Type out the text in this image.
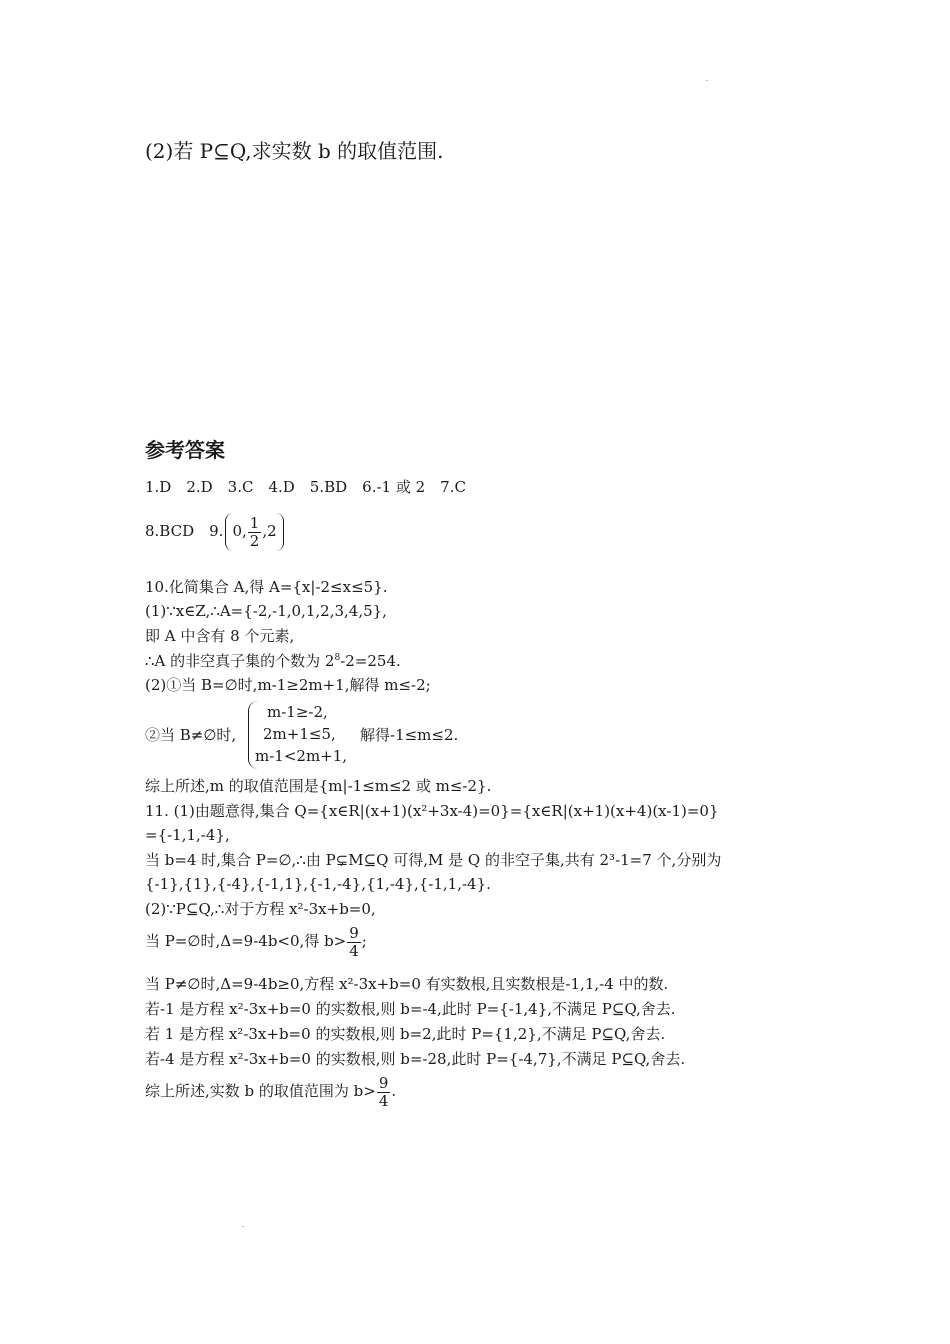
(2)若 P⊆Q,求实数 b 的取值范围.
参考答案
1.D　2.D　3.C　4.D　5.BD　6.-1 或 2　7.C
8.BCD　9. 0, $\frac{1}{2} ,2$
10.化简集合 A,得 A={x|-2≤x≤5}.
(1)∵x∈Z,∴A={-2,-1,0,1,2,3,4,5},
即 A 中含有 8 个元素,
∴A 的非空真子集的个数为 $2^8-2=254$.
(2)①当 B=∅时,m-1≥2m+1,解得 m≤-2;
②当 B≠∅时,
m-1≥-2,
2m+1≤5,
m-1<2m+1,
解得-1≤m≤2.
综上所述,m 的取值范围是{m|-1≤m≤2 或 m≤-2}.
11. (1)由题意得,集合 Q={x∈R|(x+1)(x²+3x-4)=0}={x∈R|(x+1)(x+4)(x-1)=0}
={-1,1,-4},
当 b=4 时,集合 P=∅,∴由 P⊊M⊆Q 可得,M 是 Q 的非空子集,共有 2³-1=7 个,分别为
{-1},{1},{-4},{-1,1},{-1,-4},{1,-4},{-1,1,-4}.
(2)∵P⊆Q,∴对于方程 x²-3x+b=0,
当 P=∅时,Δ=9-4b<0,得 $b> \frac{9}{4}$ ;
当 P≠∅时,Δ=9-4b≥0,方程 x²-3x+b=0 有实数根,且实数根是-1,1,-4 中的数.
若-1 是方程 x²-3x+b=0 的实数根,则 b=-4,此时 P={-1,4},不满足 P⊆Q,舍去.
若 1 是方程 x²-3x+b=0 的实数根,则 b=2,此时 P={1,2},不满足 P⊆Q,舍去.
若-4 是方程 x²-3x+b=0 的实数根,则 b=-28,此时 P={-4,7},不满足 P⊆Q,舍去.
综上所述,实数 b 的取值范围为 $b> \frac{9}{4}$ .
